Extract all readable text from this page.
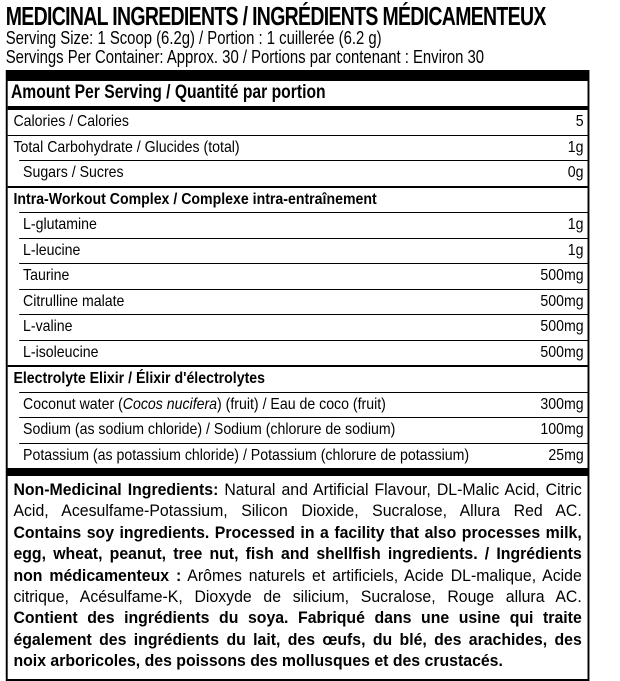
MEDICINAL INGREDIENTS / INGRÉDIENTS MÉDICAMENTEUX
Serving Size: 1 Scoop (6.2g) / Portion : 1 cuillerée (6.2 g)
Servings Per Container: Approx. 30 / Portions par contenant : Environ 30
Amount Per Serving / Quantité par portion
Calories / Calories	5
Total Carbohydrate / Glucides (total)	1g
Sugars / Sucres	0g
Intra-Workout Complex / Complexe intra-entraînement
L-glutamine	1g
L-leucine	1g
Taurine	500mg
Citrulline malate	500mg
L-valine	500mg
L-isoleucine	500mg
Electrolyte Elixir / Élixir d'électrolytes
Coconut water (Cocos nucifera) (fruit) / Eau de coco (fruit)	300mg
Sodium (as sodium chloride) / Sodium (chlorure de sodium)	100mg
Potassium (as potassium chloride) / Potassium (chlorure de potassium)	25mg
Non-Medicinal Ingredients: Natural and Artificial Flavour, DL-Malic Acid, Citric Acid, Acesulfame-Potassium, Silicon Dioxide, Sucralose, Allura Red AC. Contains soy ingredients. Processed in a facility that also processes milk, egg, wheat, peanut, tree nut, fish and shellfish ingredients. / Ingrédients non médicamenteux : Arômes naturels et artificiels, Acide DL-malique, Acide citrique, Acésulfame-K, Dioxyde de silicium, Sucralose, Rouge allura AC. Contient des ingrédients du soya. Fabriqué dans une usine qui traite également des ingrédients du lait, des œufs, du blé, des arachides, des noix arboricoles, des poissons des mollusques et des crustacés.
